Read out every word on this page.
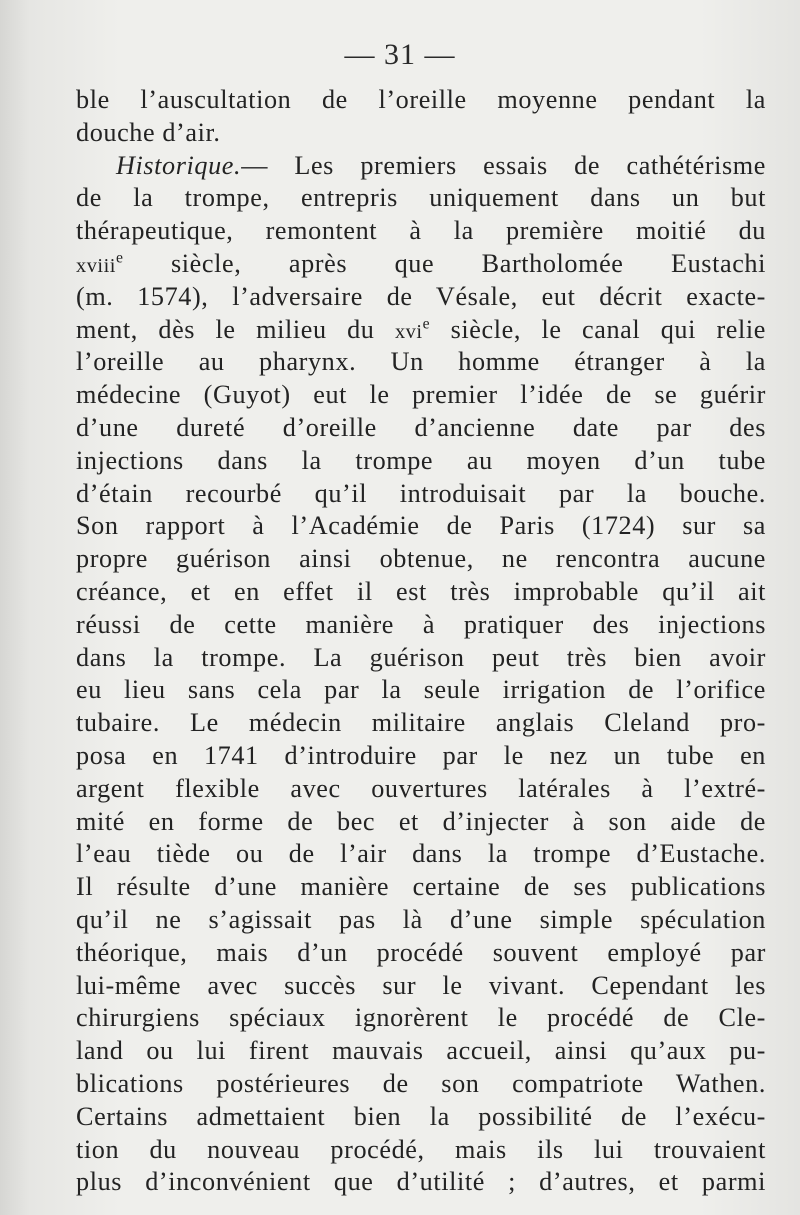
— 31 —
ble l’auscultation de l’oreille moyenne pendant la
douche d’air.
Historique.— Les premiers essais de cathétérisme
de la trompe, entrepris uniquement dans un but
thérapeutique, remontent à la première moitié du
xviii$^e$ siècle, après que Bartholomée Eustachi
(m. 1574), l’adversaire de Vésale, eut décrit exacte-
ment, dès le milieu du xvi$^e$ siècle, le canal qui relie
l’oreille au pharynx. Un homme étranger à la
médecine (Guyot) eut le premier l’idée de se guérir
d’une dureté d’oreille d’ancienne date par des
injections dans la trompe au moyen d’un tube
d’étain recourbé qu’il introduisait par la bouche.
Son rapport à l’Académie de Paris (1724) sur sa
propre guérison ainsi obtenue, ne rencontra aucune
créance, et en effet il est très improbable qu’il ait
réussi de cette manière à pratiquer des injections
dans la trompe. La guérison peut très bien avoir
eu lieu sans cela par la seule irrigation de l’orifice
tubaire. Le médecin militaire anglais Cleland pro-
posa en 1741 d’introduire par le nez un tube en
argent flexible avec ouvertures latérales à l’extré-
mité en forme de bec et d’injecter à son aide de
l’eau tiède ou de l’air dans la trompe d’Eustache.
Il résulte d’une manière certaine de ses publications
qu’il ne s’agissait pas là d’une simple spéculation
théorique, mais d’un procédé souvent employé par
lui-même avec succès sur le vivant. Cependant les
chirurgiens spéciaux ignorèrent le procédé de Cle-
land ou lui firent mauvais accueil, ainsi qu’aux pu-
blications postérieures de son compatriote Wathen.
Certains admettaient bien la possibilité de l’exécu-
tion du nouveau procédé, mais ils lui trouvaient
plus d’inconvénient que d’utilité ; d’autres, et parmi
